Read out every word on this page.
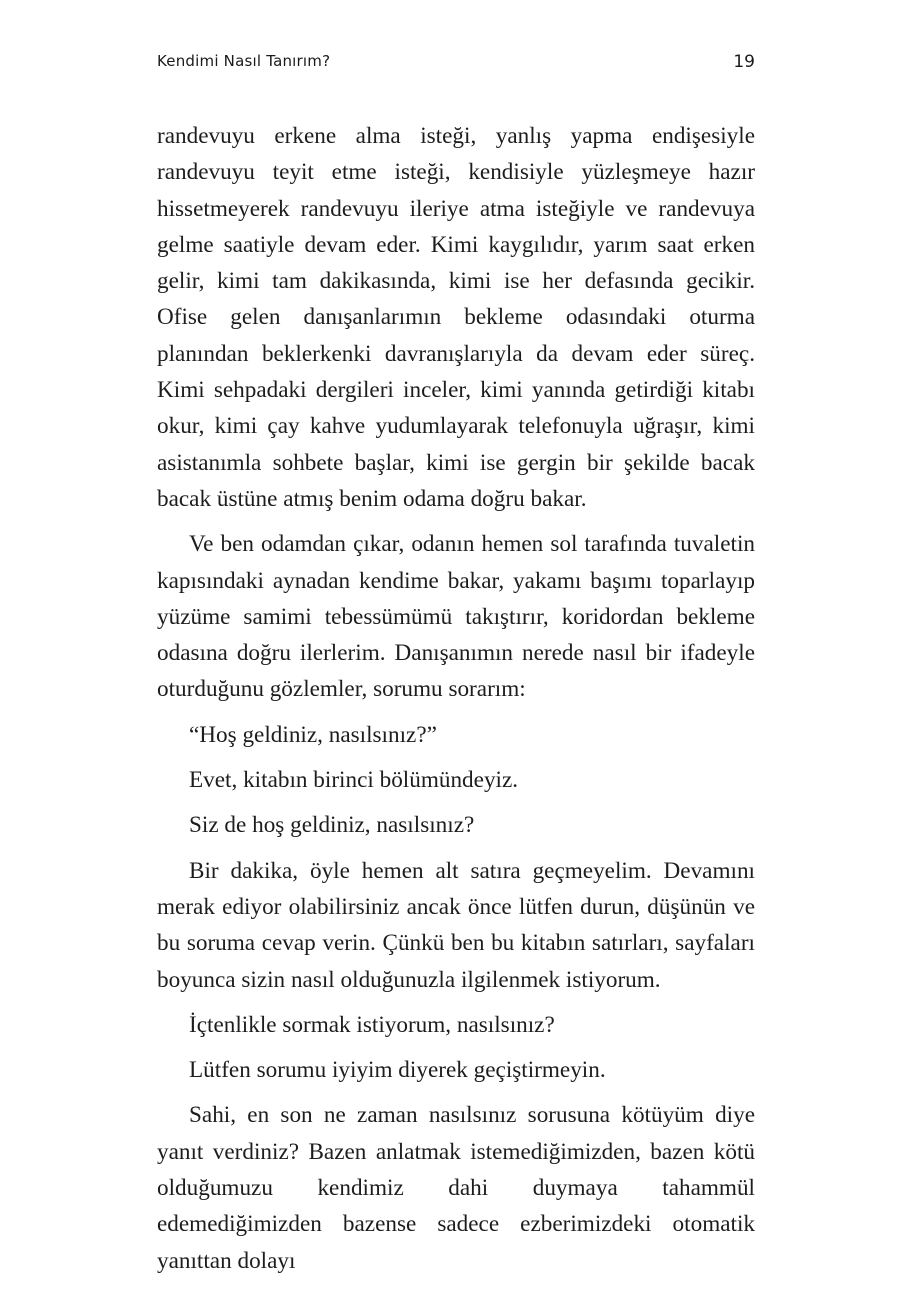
Kendimi Nasıl Tanırım?	19

randevuyu erkene alma isteği, yanlış yapma endişesiyle randevuyu teyit etme isteği, kendisiyle yüzleşmeye hazır hissetmeyerek randevuyu ileriye atma isteğiyle ve randevuya gelme saatiyle devam eder. Kimi kaygılıdır, yarım saat erken gelir, kimi tam dakikasında, kimi ise her defasında gecikir. Ofise gelen danışanlarımın bekleme odasındaki oturma planından beklerkenki davranışlarıyla da devam eder süreç. Kimi sehpadaki dergileri inceler, kimi yanında getirdiği kitabı okur, kimi çay kahve yudumlayarak telefonuyla uğraşır, kimi asistanımla sohbete başlar, kimi ise gergin bir şekilde bacak bacak üstüne atmış benim odama doğru bakar.

Ve ben odamdan çıkar, odanın hemen sol tarafında tuvaletin kapısındaki aynadan kendime bakar, yakamı başımı toparlayıp yüzüme samimi tebessümümü takıştırır, koridordan bekleme odasına doğru ilerlerim. Danışanımın nerede nasıl bir ifadeyle oturduğunu gözlemler, sorumu sorarım:

“Hoş geldiniz, nasılsınız?”

Evet, kitabın birinci bölümündeyiz.

Siz de hoş geldiniz, nasılsınız?

Bir dakika, öyle hemen alt satıra geçmeyelim. Devamını merak ediyor olabilirsiniz ancak önce lütfen durun, düşünün ve bu soruma cevap verin. Çünkü ben bu kitabın satırları, sayfaları boyunca sizin nasıl olduğunuzla ilgilenmek istiyorum.

İçtenlikle sormak istiyorum, nasılsınız?

Lütfen sorumu iyiyim diyerek geçiştirmeyin.

Sahi, en son ne zaman nasılsınız sorusuna kötüyüm diye yanıt verdiniz? Bazen anlatmak istemediğimizden, bazen kötü olduğumuzu kendimiz dahi duymaya tahammül edemediğimizden bazense sadece ezberimizdeki otomatik yanıttan dolayı
